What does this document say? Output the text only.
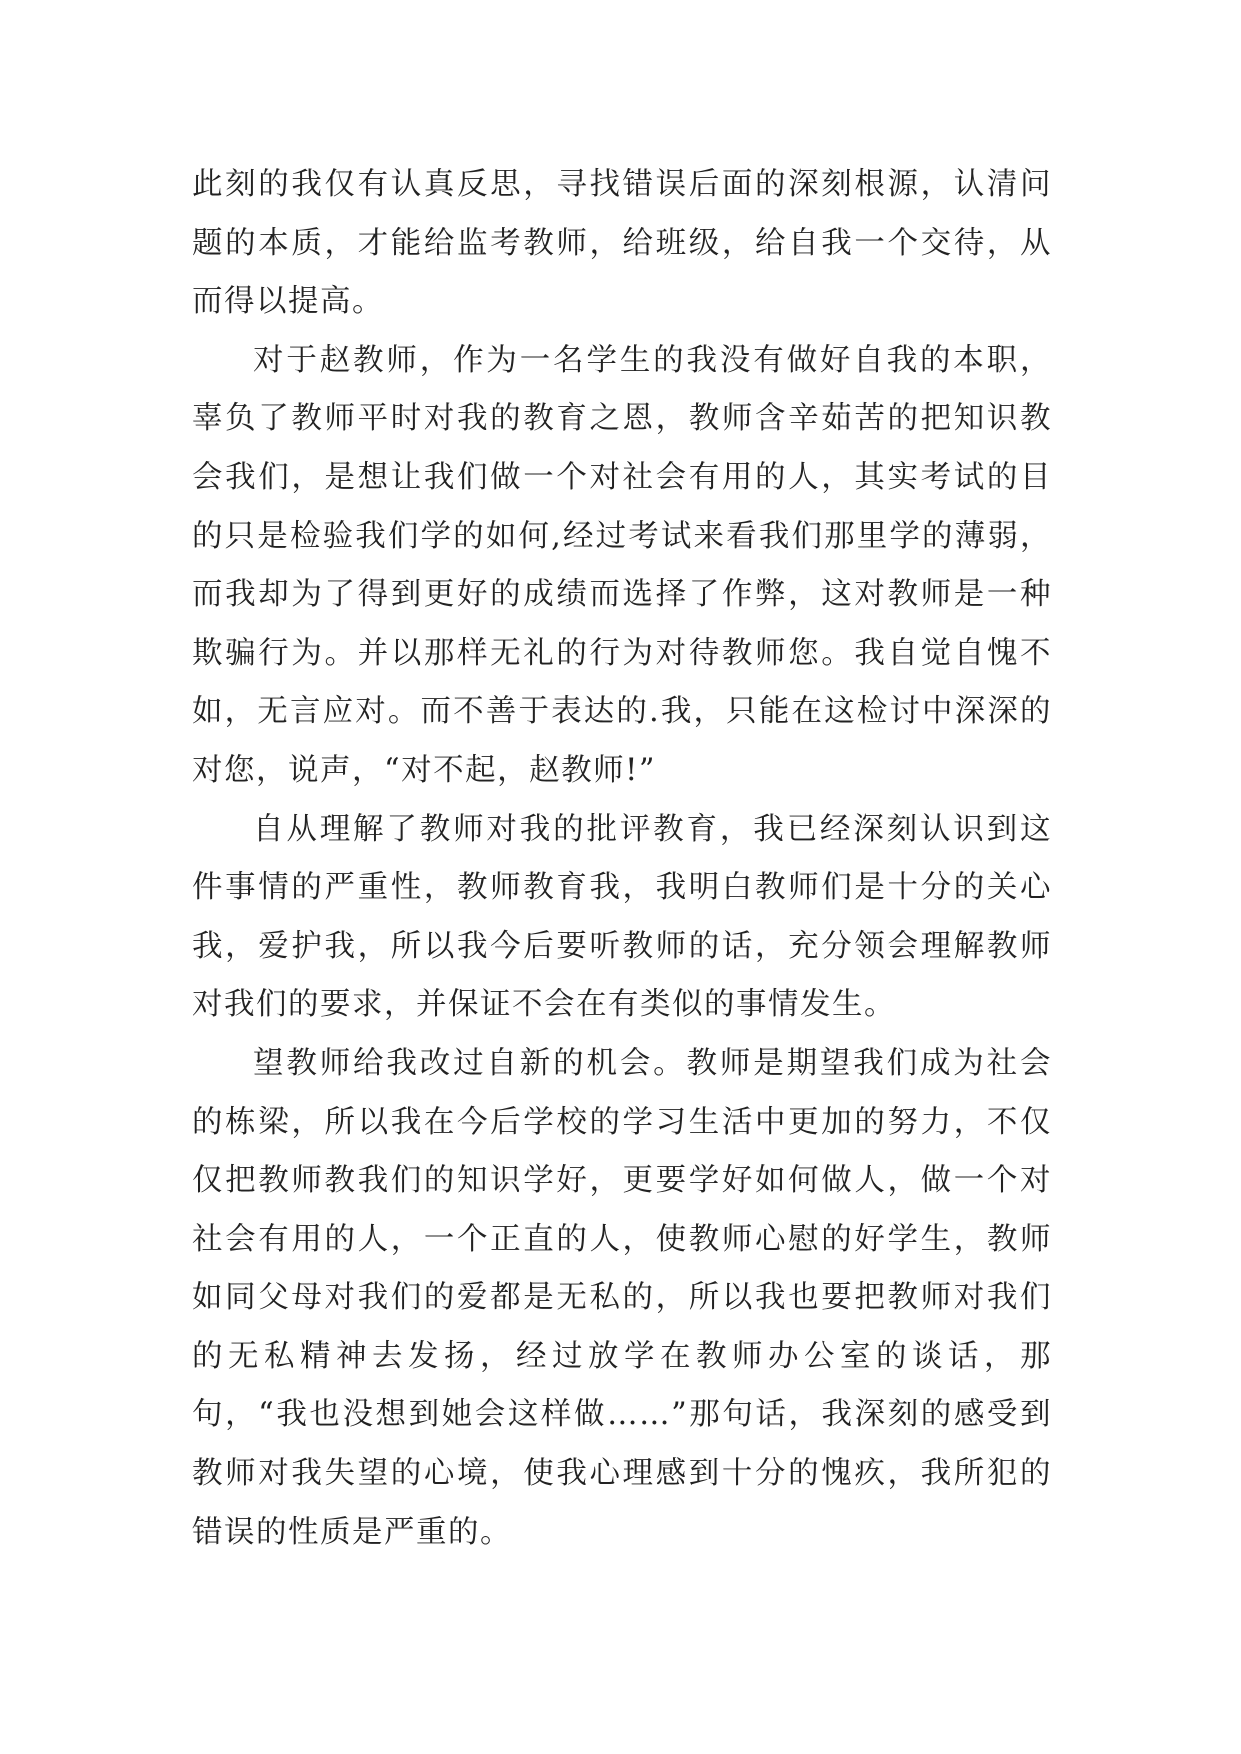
此刻的我仅有认真反思，寻找错误后面的深刻根源，认清问题的本质，才能给监考教师，给班级，给自我一个交待，从而得以提高。

对于赵教师，作为一名学生的我没有做好自我的本职，辜负了教师平时对我的教育之恩，教师含辛茹苦的把知识教会我们，是想让我们做一个对社会有用的人，其实考试的目的只是检验我们学的如何,经过考试来看我们那里学的薄弱，而我却为了得到更好的成绩而选择了作弊，这对教师是一种欺骗行为。并以那样无礼的行为对待教师您。我自觉自愧不如，无言应对。而不善于表达的.我，只能在这检讨中深深的对您，说声，“对不起，赵教师!”

自从理解了教师对我的批评教育，我已经深刻认识到这件事情的严重性，教师教育我，我明白教师们是十分的关心我，爱护我，所以我今后要听教师的话，充分领会理解教师对我们的要求，并保证不会在有类似的事情发生。

望教师给我改过自新的机会。教师是期望我们成为社会的栋梁，所以我在今后学校的学习生活中更加的努力，不仅仅把教师教我们的知识学好，更要学好如何做人，做一个对社会有用的人，一个正直的人，使教师心慰的好学生，教师如同父母对我们的爱都是无私的，所以我也要把教师对我们的无私精神去发扬，经过放学在教师办公室的谈话，那句，“我也没想到她会这样做……”那句话，我深刻的感受到教师对我失望的心境，使我心理感到十分的愧疚，我所犯的错误的性质是严重的。
